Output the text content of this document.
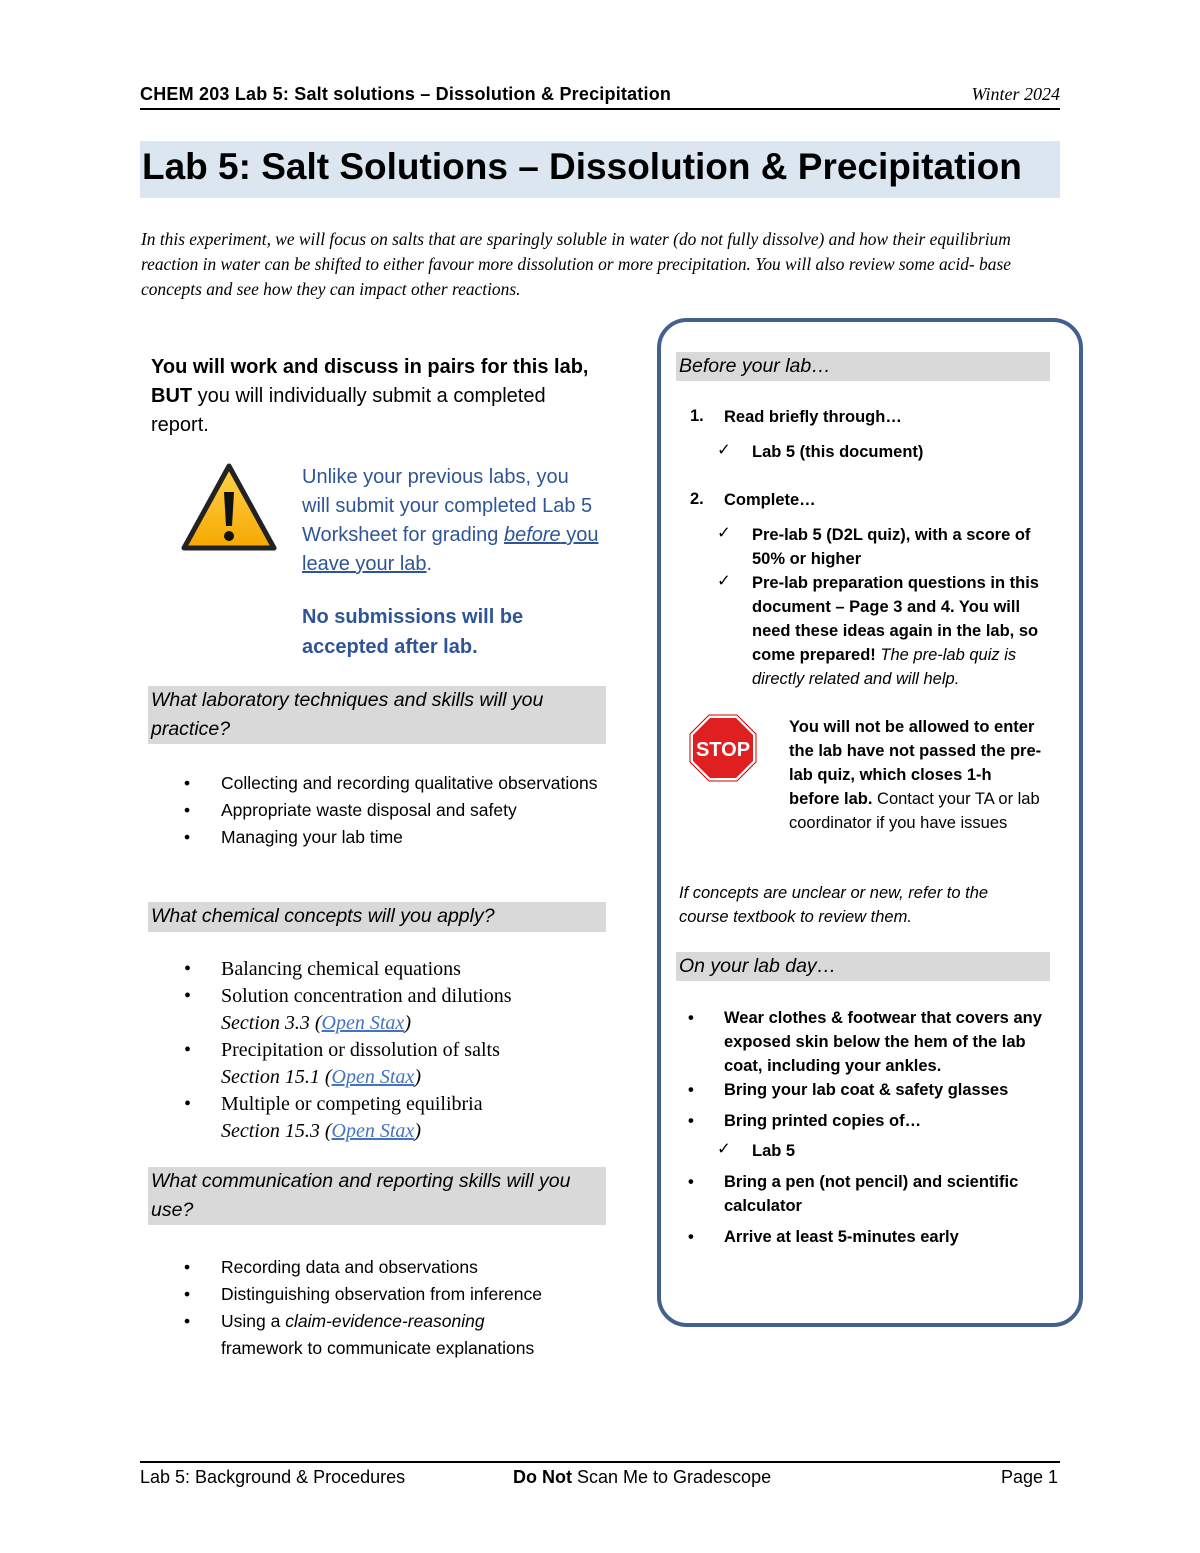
CHEM 203 Lab 5: Salt solutions – Dissolution & Precipitation	Winter 2024
Lab 5: Salt Solutions – Dissolution & Precipitation
In this experiment, we will focus on salts that are sparingly soluble in water (do not fully dissolve) and how their equilibrium reaction in water can be shifted to either favour more dissolution or more precipitation. You will also review some acid- base concepts and see how they can impact other reactions.
You will work and discuss in pairs for this lab,
BUT you will individually submit a completed report.
Unlike your previous labs, you will submit your completed Lab 5 Worksheet for grading before you leave your lab.
No submissions will be accepted after lab.
What laboratory techniques and skills will you practice?
• Collecting and recording qualitative observations
• Appropriate waste disposal and safety
• Managing your lab time
What chemical concepts will you apply?
• Balancing chemical equations
• Solution concentration and dilutions
Section 3.3 (Open Stax)
• Precipitation or dissolution of salts
Section 15.1 (Open Stax)
• Multiple or competing equilibria
Section 15.3 (Open Stax)
What communication and reporting skills will you use?
• Recording data and observations
• Distinguishing observation from inference
• Using a claim-evidence-reasoning
framework to communicate explanations
Before your lab…
1. Read briefly through…
✓ Lab 5 (this document)
2. Complete…
✓ Pre-lab 5 (D2L quiz), with a score of 50% or higher
✓ Pre-lab preparation questions in this document – Page 3 and 4. You will need these ideas again in the lab, so come prepared! The pre-lab quiz is directly related and will help.
STOP
You will not be allowed to enter the lab have not passed the pre-lab quiz, which closes 1-h before lab. Contact your TA or lab coordinator if you have issues
If concepts are unclear or new, refer to the course textbook to review them.
On your lab day…
• Wear clothes & footwear that covers any exposed skin below the hem of the lab coat, including your ankles.
• Bring your lab coat & safety glasses
• Bring printed copies of…
✓ Lab 5
• Bring a pen (not pencil) and scientific calculator
• Arrive at least 5-minutes early
Lab 5: Background & Procedures	Do Not Scan Me to Gradescope	Page 1
